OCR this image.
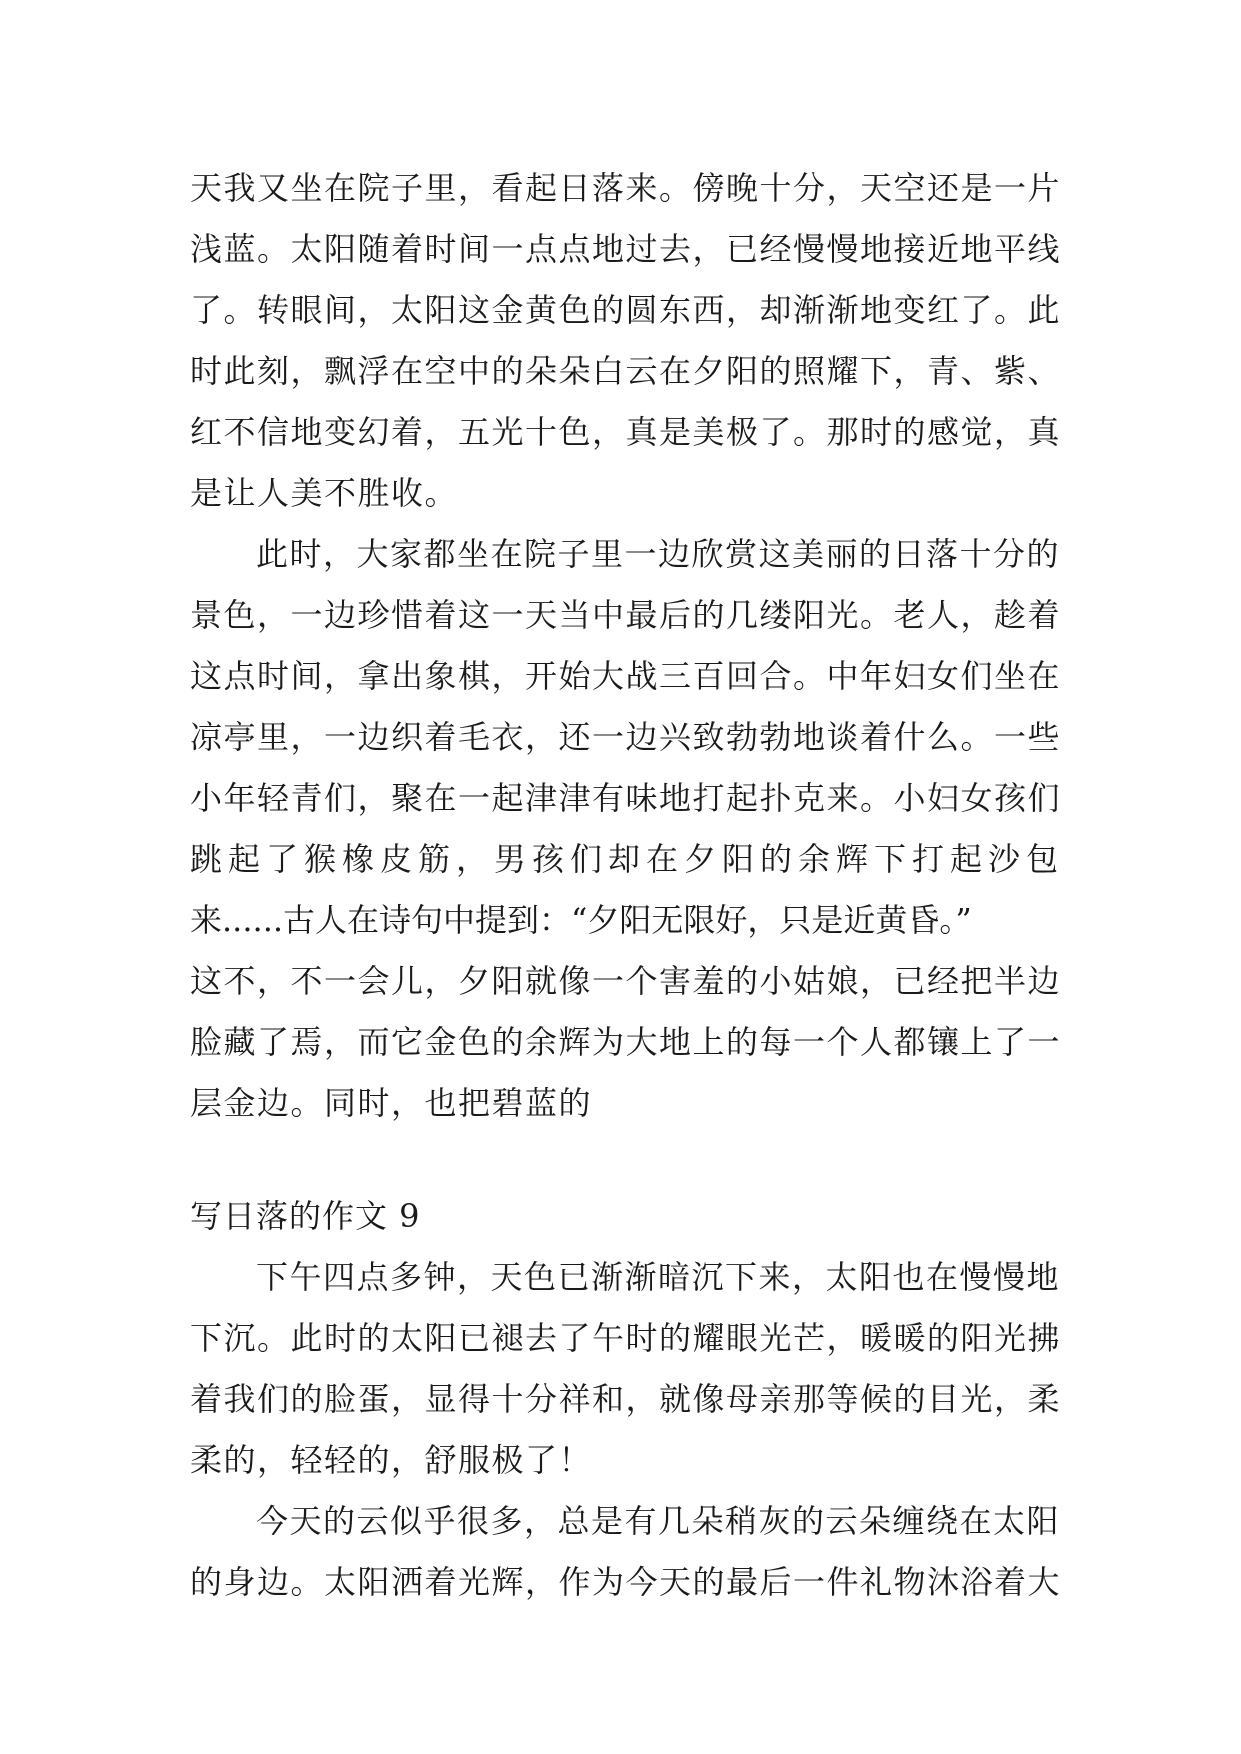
天我又坐在院子里，看起日落来。傍晚十分，天空还是一片
浅蓝。太阳随着时间一点点地过去，已经慢慢地接近地平线
了。转眼间，太阳这金黄色的圆东西，却渐渐地变红了。此
时此刻，飘浮在空中的朵朵白云在夕阳的照耀下，青、紫、
红不信地变幻着，五光十色，真是美极了。那时的感觉，真
是让人美不胜收。

此时，大家都坐在院子里一边欣赏这美丽的日落十分的
景色，一边珍惜着这一天当中最后的几缕阳光。老人，趁着
这点时间，拿出象棋，开始大战三百回合。中年妇女们坐在
凉亭里，一边织着毛衣，还一边兴致勃勃地谈着什么。一些
小年轻青们，聚在一起津津有味地打起扑克来。小妇女孩们
跳起了猴橡皮筋，男孩们却在夕阳的余辉下打起沙包
来......古人在诗句中提到：“夕阳无限好，只是近黄昏。”
这不，不一会儿，夕阳就像一个害羞的小姑娘，已经把半边
脸藏了焉，而它金色的余辉为大地上的每一个人都镶上了一
层金边。同时，也把碧蓝的

写日落的作文 9

下午四点多钟，天色已渐渐暗沉下来，太阳也在慢慢地
下沉。此时的太阳已褪去了午时的耀眼光芒，暖暖的阳光拂
着我们的脸蛋，显得十分祥和，就像母亲那等候的目光，柔
柔的，轻轻的，舒服极了！

今天的云似乎很多，总是有几朵稍灰的云朵缠绕在太阳
的身边。太阳洒着光辉，作为今天的最后一件礼物沐浴着大
